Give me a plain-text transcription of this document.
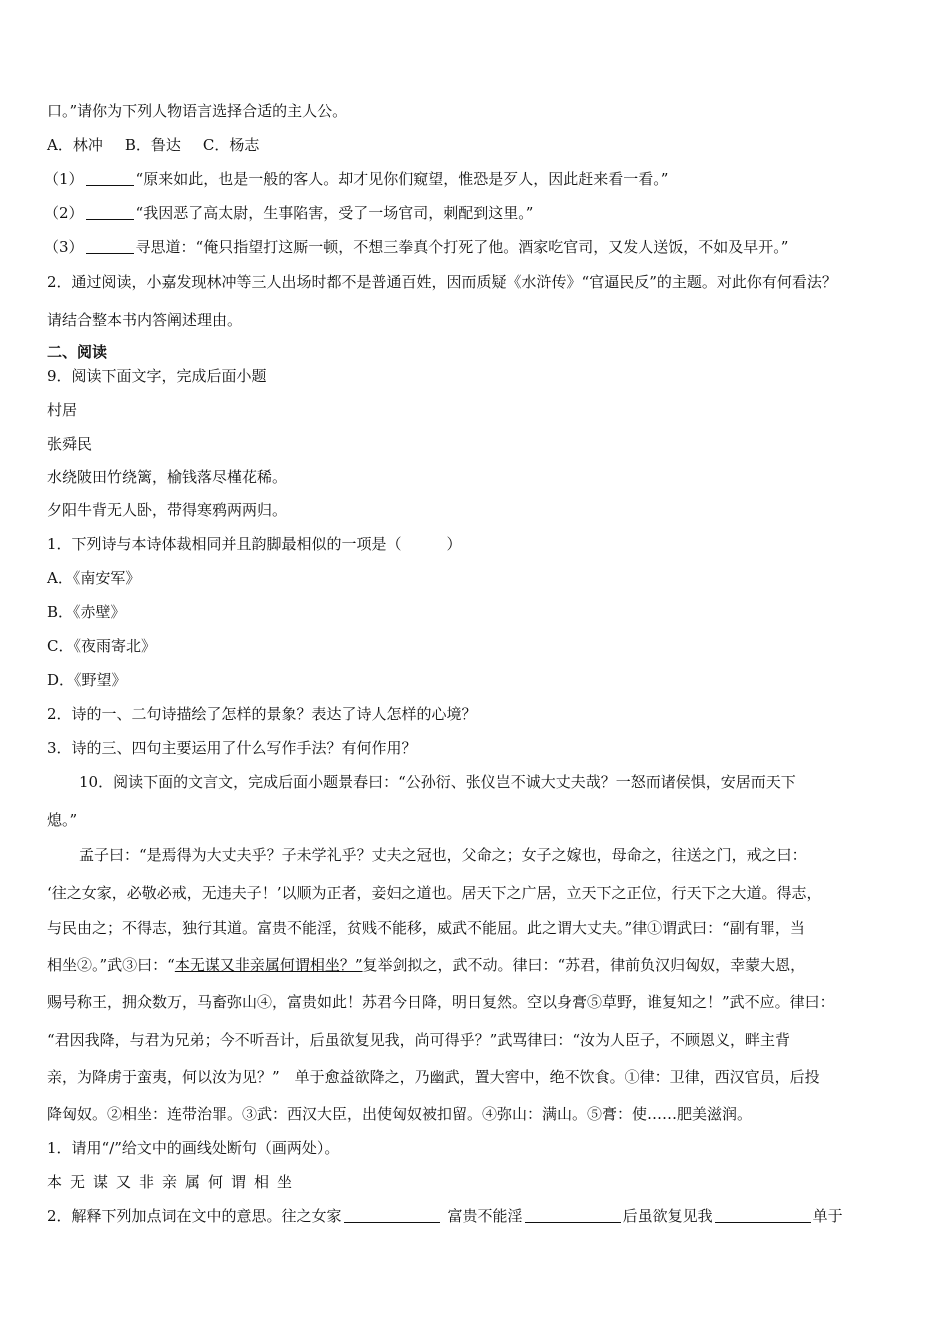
口。”请你为下列人物语言选择合适的主人公。
A．林冲 B．鲁达 C．杨志
（1）	“原来如此，也是一般的客人。却才见你们窥望，惟恐是歹人，因此赶来看一看。”
（2）	“我因恶了高太尉，生事陷害，受了一场官司，刺配到这里。”
（3）	寻思道：“俺只指望打这厮一顿，不想三拳真个打死了他。酒家吃官司，又发人送饭，不如及早开。”
2．通过阅读，小嘉发现林冲等三人出场时都不是普通百姓，因而质疑《水浒传》“官逼民反”的主题。对此你有何看法？
请结合整本书内答阐述理由。
二、阅读
9．阅读下面文字，完成后面小题
村居
张舜民
水绕陂田竹绕篱，榆钱落尽槿花稀。
夕阳牛背无人卧，带得寒鸦两两归。
1．下列诗与本诗体裁相同并且韵脚最相似的一项是（　　　）
A．《南安军》
B．《赤壁》
C．《夜雨寄北》
D．《野望》
2．诗的一、二句诗描绘了怎样的景象？表达了诗人怎样的心境？
3．诗的三、四句主要运用了什么写作手法？有何作用？
10．阅读下面的文言文，完成后面小题景春曰：“公孙衍、张仪岂不诚大丈夫哉？一怒而诸侯惧，安居而天下
熄。”
孟子曰：“是焉得为大丈夫乎？子未学礼乎？丈夫之冠也，父命之；女子之嫁也，母命之，往送之门，戒之曰：
‘往之女家，必敬必戒，无违夫子！’以顺为正者，妾妇之道也。居天下之广居，立天下之正位，行天下之大道。得志，
与民由之；不得志，独行其道。富贵不能淫，贫贱不能移，威武不能屈。此之谓大丈夫。”律①谓武曰：“副有罪，当
相坐②。”武③曰：“本无谋又非亲属何谓相坐？”复举剑拟之，武不动。律曰：“苏君，律前负汉归匈奴，幸蒙大恩，
赐号称王，拥众数万，马畜弥山④，富贵如此！苏君今日降，明日复然。空以身膏⑤草野，谁复知之！”武不应。律曰：
“君因我降，与君为兄弟；今不听吾计，后虽欲复见我，尚可得乎？”武骂律曰：“汝为人臣子，不顾恩义，畔主背
亲，为降虏于蛮夷，何以汝为见？”　单于愈益欲降之，乃幽武，置大窖中，绝不饮食。①律：卫律，西汉官员，后投
降匈奴。②相坐：连带治罪。③武：西汉大臣，出使匈奴被扣留。④弥山：满山。⑤膏：使……肥美滋润。
1．请用“/”给文中的画线处断句（画两处）。
本无谋又非亲属何谓相坐
2．解释下列加点词在文中的意思。往之女家	富贵不能淫	后虽欲复见我	单于
